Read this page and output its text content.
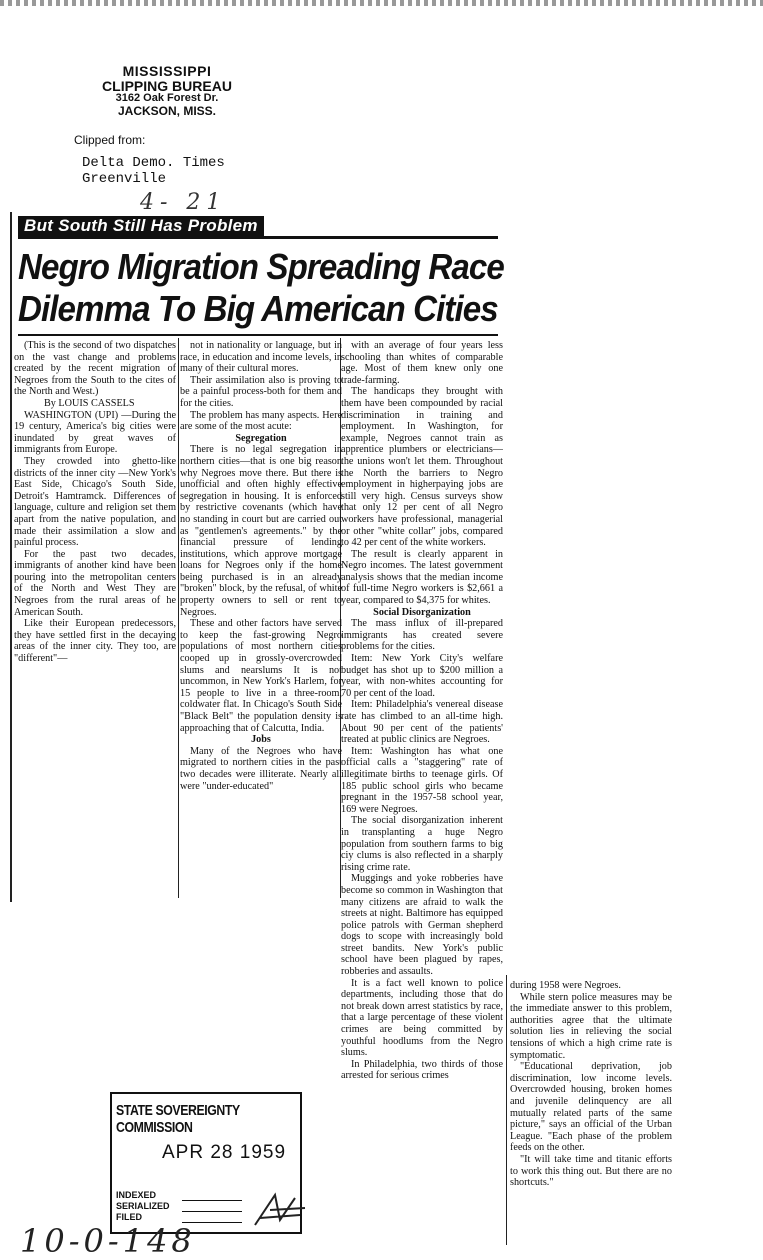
MISSISSIPPI
CLIPPING BUREAU
3162 Oak Forest Dr.
JACKSON, MISS.
Clipped from:
Delta Demo. Times
Greenville
4- 21
But South Still Has Problem
Negro Migration Spreading Race
Dilemma To Big American Cities

(This is the second of two dispatches on the vast change and problems created by the recent migration of Negroes from the South to the cites of the North and West.)

By LOUIS CASSELS

WASHINGTON (UPI) —During the 19 century, America's big cities were inundated by great waves of immigrants from Europe.

They crowded into ghetto-like districts of the inner city —New York's East Side, Chicago's South Side, Detroit's Hamtramck. Differences of language, culture and religion set them apart from the native population, and made their assimilation a slow and painful process.

For the past two decades, immigrants of another kind have been pouring into the metropolitan centers of the North and West They are Negroes from the rural areas of he American South.

Like their European predecessors, they have settled first in the decaying areas of the inner city. They too, are "different"—

not in nationality or language, but in race, in education and income levels, in many of their cultural mores.

Their assimilation also is proving to be a painful process-both for them and for the cities.

The problem has many aspects. Here are some of the most acute:

Segregation

There is no legal segregation in northern cities—that is one big reason why Negroes move there. But there is unofficial and often highly effective segregation in housing. It is enforced by restrictive covenants (which have no standing in court but are carried out as "gentlemen's agreements." by the financial pressure of lending institutions, which approve mortgage loans for Negroes only if the home being purchased is in an already "broken" block, by the refusal, of white property owners to sell or rent to Negroes.

These and other factors have served to keep the fast-growing Negro populations of most northern cities cooped up in grossly-overcrowded slums and nearslums It is not uncommon, in New York's Harlem, for 15 people to live in a three-room, coldwater flat. In Chicago's South Side "Black Belt" the population density is approaching that of Calcutta, India.

Jobs

Many of the Negroes who have migrated to northern cities in the past two decades were illiterate. Nearly all were "under-educated"

with an average of four years less schooling than whites of comparable age. Most of them knew only one trade-farming.

The handicaps they brought with them have been compounded by racial discrimination in training and employment. In Washington, for example, Negroes cannot train as apprentice plumbers or electricians—the unions won't let them. Throughout the North the barriers to Negro employment in higherpaying jobs are still very high. Census surveys show that only 12 per cent of all Negro workers have professional, managerial or other "white collar" jobs, compared to 42 per cent of the white workers.

The result is clearly apparent in Negro incomes. The latest government analysis shows that the median income of full-time Negro workers is $2,661 a year, compared to $4,375 for whites.

Social Disorganization

The mass influx of ill-prepared immigrants has created severe problems for the cities.

Item: New York City's welfare budget has shot up to $200 million a year, with non-whites accounting for 70 per cent of the load.

Item: Philadelphia's venereal disease rate has climbed to an all-time high. About 90 per cent of the patients' treated at public clinics are Negroes.

Item: Washington has what one official calls a "staggering" rate of illegitimate births to teenage girls. Of 185 public school girls who became pregnant in the 1957-58 school year, 169 were Negroes.

The social disorganization inherent in transplanting a huge Negro population from southern farms to big ciy clums is also reflected in a sharply rising crime rate.

Muggings and yoke robberies have become so common in Washington that many citizens are afraid to walk the streets at night. Baltimore has equipped police patrols with German shepherd dogs to scope with increasingly bold street bandits. New York's public school have been plagued by rapes, robberies and assaults.

It is a fact well known to police departments, including those that do not break down arrest statistics by race, that a large percentage of these violent crimes are being committed by youthful hoodlums from the Negro slums.

In Philadelphia, two thirds of those arrested for serious crimes

during 1958 were Negroes.

While stern police measures may be the immediate answer to this problem, authorities agree that the ultimate solution lies in relieving the social tensions of which a high crime rate is symptomatic.

"Educational deprivation, job discrimination, low income levels. Overcrowded housing, broken homes and juvenile delinquency are all mutually related parts of the same picture," says an official of the Urban League. "Each phase of the problem feeds on the other.

"It will take time and titanic efforts to work this thing out. But there are no shortcuts."

STATE SOVEREIGNTY COMMISSION
APR 28 1959
INDEXED
SERIALIZED
FILED
10-0-148
